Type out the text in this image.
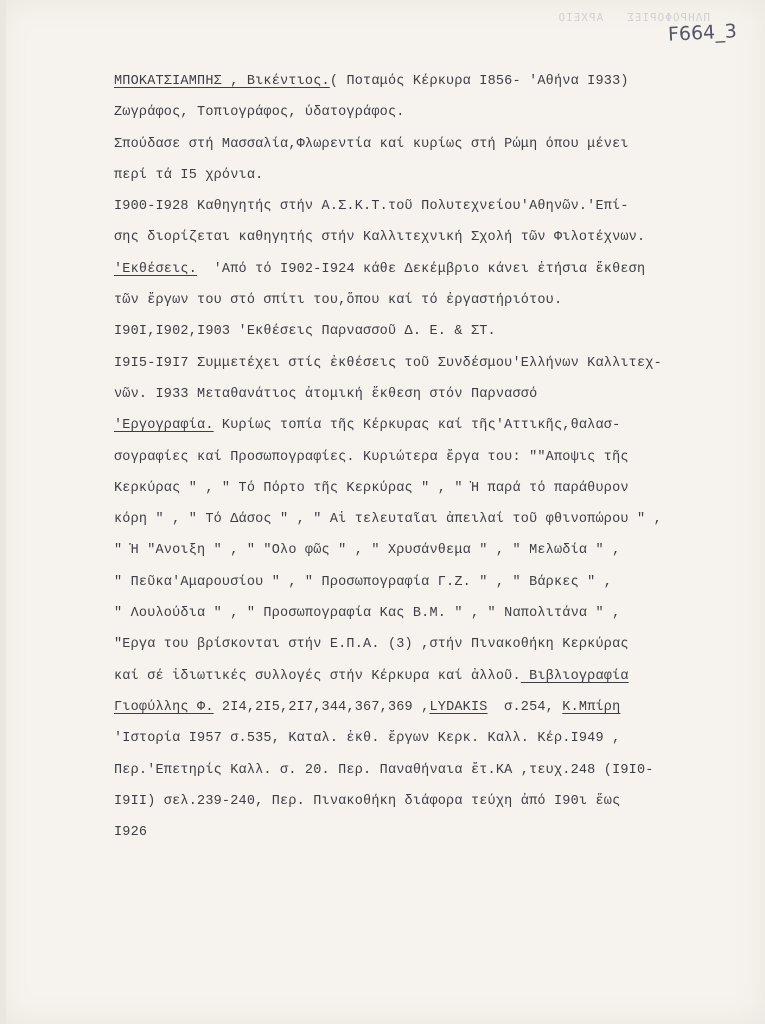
ΠΛΗΡΟΦΟΡΙΕΣ   ΑΡΧΕΙΟ
F664_3
ΜΠΟΚΑΤΣΙΑΜΠΗΣ , Βικέντιος.( Ποταμός Κέρκυρα Ι856- 'Αθήνα Ι933)
Ζωγράφος, Τοπιογράφος, ύδατογράφος.
Σπούδασε στή Μασσαλία,Φλωρεντία καί κυρίως στή Ρώμη όπου μένει
περί τά Ι5 χρόνια.
Ι900-Ι928 Καθηγητής στήν Α.Σ.Κ.Τ.τοῦ Πολυτεχνείου'Αθηνῶν.'Επί-
σης διορίζεται καθηγητής στήν Καλλιτεχνική Σχολή τῶν Φιλοτέχνων.
'Εκθέσεις.  'Από τό Ι902-Ι924 κάθε Δεκέμβριο κάνει ἐτήσια ἔκθεση
τῶν ἔργων του στό σπίτι του,ὅπου καί τό ἐργαστήριότου.
Ι90Ι,Ι902,Ι903 'Εκθέσεις Παρνασσοῦ Δ. Ε. & ΣΤ.
Ι9Ι5-Ι9Ι7 Συμμετέχει στίς ἐκθέσεις τοῦ Συνδέσμου'Ελλήνων Καλλιτεχ-
νῶν. Ι933 Μεταθανάτιος ἀτομική ἔκθεση στόν Παρνασσό
'Εργογραφία. Κυρίως τοπία τῆς Κέρκυρας καί τῆς'Αττικῆς,θαλασ-
σογραφίες καί Προσωπογραφίες. Κυριώτερα ἔργα του: ""Αποψις τῆς
Κερκύρας " , " Τό Πόρτο τῆς Κερκύρας " , " Ἡ παρά τό παράθυρον
κόρη " , " Τό Δάσος " , " Αἱ τελευταῖαι ἀπειλαί τοῦ φθινοπώρου " ,
" Ἡ "Ανοιξη " , " "Ολο φῶς " , " Χρυσάνθεμα " , " Μελωδία " ,
" Πεῦκα'Αμαρουσίου " , " Προσωπογραφία Γ.Ζ. " , " Βάρκες " ,
" Λουλούδια " , " Προσωπογραφία Κας Β.Μ. " , " Ναπολιτάνα " ,
"Εργα του βρίσκονται στήν Ε.Π.Α. (3) ,στήν Πινακοθήκη Κερκύρας
καί σέ ἰδιωτικές συλλογές στήν Κέρκυρα καί ἀλλοῦ. Βιβλιογραφία
Γιοφύλλης Φ. 2Ι4,2Ι5,2Ι7,344,367,369 ,LYDAKIS  σ.254, Κ.Μπίρη
'Ιστορία Ι957 σ.535, Καταλ. ἐκθ. ἔργων Κερκ. Καλλ. Κέρ.Ι949 ,
Περ.'Επετηρίς Καλλ. σ. 20. Περ. Παναθήναια ἔτ.ΚΑ ,τευχ.248 (Ι9Ι0-
Ι9ΙΙ) σελ.239-240, Περ. Πινακοθήκη διάφορα τεύχη ἀπό Ι90ι ἕως
Ι926
